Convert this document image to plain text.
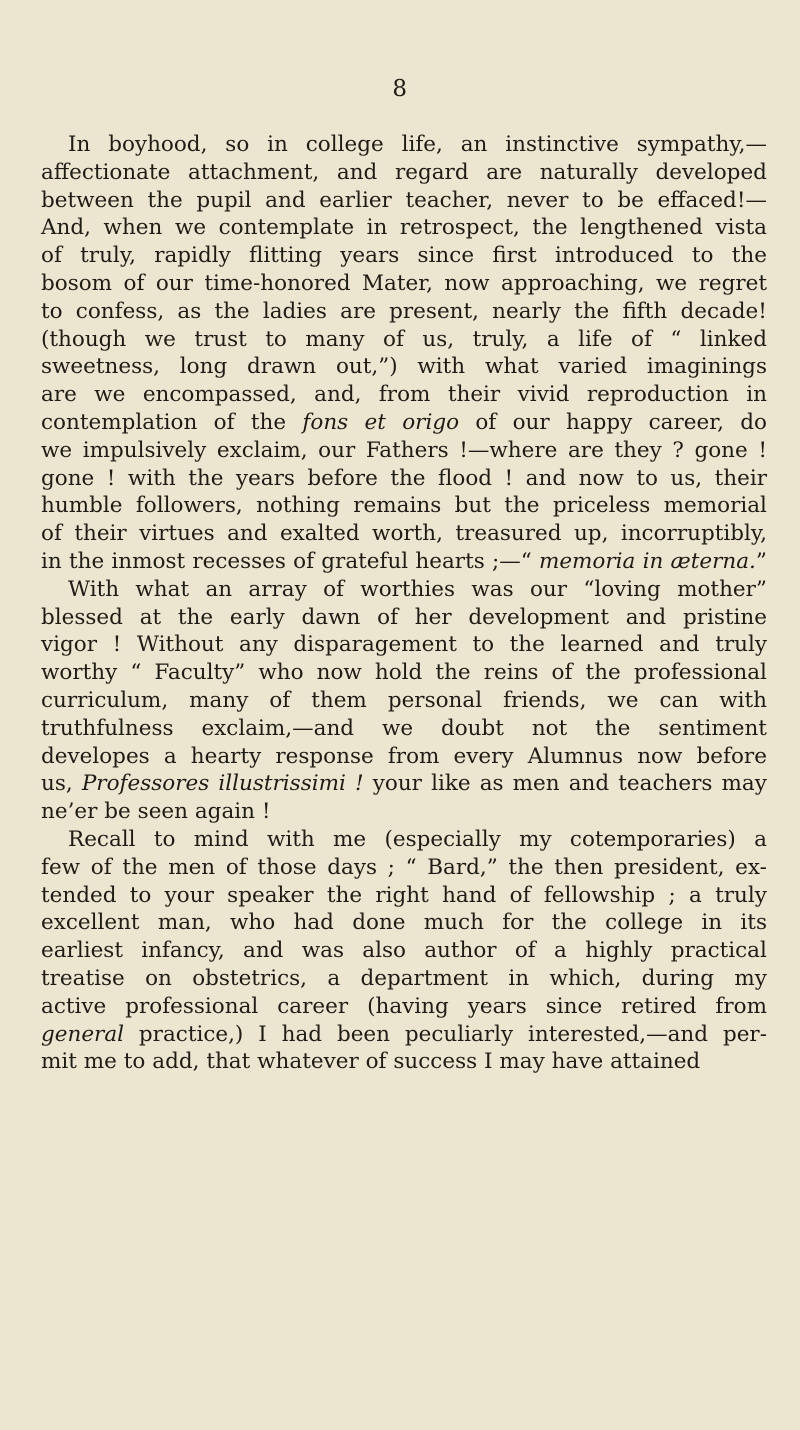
8
In boyhood, so in college life, an instinctive sympathy,—
affectionate attachment, and regard are naturally developed
between the pupil and earlier teacher, never to be effaced!—
And, when we contemplate in retrospect, the lengthened vista
of truly, rapidly flitting years since first introduced to the
bosom of our time-honored Mater, now approaching, we regret
to confess, as the ladies are present, nearly the fifth decade!
(though we trust to many of us, truly, a life of “ linked
sweetness, long drawn out,”) with what varied imaginings
are we encompassed, and, from their vivid reproduction in
contemplation of the fons et origo of our happy career, do
we impulsively exclaim, our Fathers !—where are they ? gone !
gone ! with the years before the flood ! and now to us, their
humble followers, nothing remains but the priceless memorial
of their virtues and exalted worth, treasured up, incorruptibly,
in the inmost recesses of grateful hearts ;—“ memoria in æterna.”
With what an array of worthies was our “loving mother”
blessed at the early dawn of her development and pristine
vigor ! Without any disparagement to the learned and truly
worthy “ Faculty” who now hold the reins of the professional
curriculum, many of them personal friends, we can with
truthfulness exclaim,—and we doubt not the sentiment
developes a hearty response from every Alumnus now before
us, Professores illustrissimi ! your like as men and teachers may
ne’er be seen again !
Recall to mind with me (especially my cotemporaries) a
few of the men of those days ; “ Bard,” the then president, ex-
tended to your speaker the right hand of fellowship ; a truly
excellent man, who had done much for the college in its
earliest infancy, and was also author of a highly practical
treatise on obstetrics, a department in which, during my
active professional career (having years since retired from
general practice,) I had been peculiarly interested,—and per-
mit me to add, that whatever of success I may have attained
